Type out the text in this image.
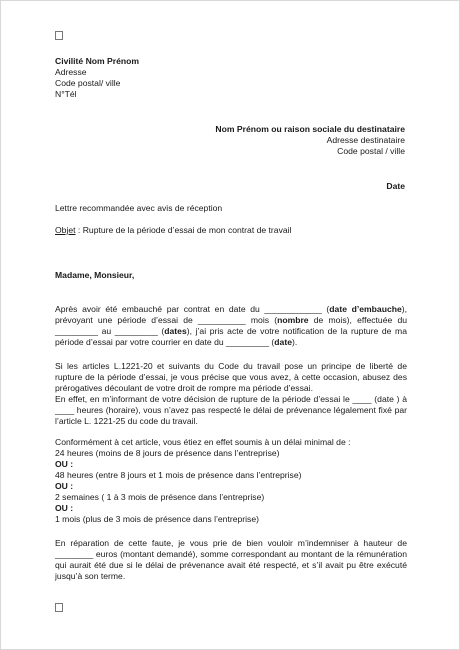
Civilité Nom Prénom
Adresse
Code postal/ ville
N°Tél
Nom Prénom ou raison sociale du destinataire
Adresse destinataire
Code postal / ville
Date
Lettre recommandée avec avis de réception
Objet : Rupture de la période d’essai de mon contrat de travail
Madame, Monsieur,

Après avoir été embauché par contrat en date du ____________ (date d’embauche), prévoyant une période d’essai de __________ mois (nombre de mois), effectuée du _________ au _________ (dates), j’ai pris acte de votre notification de la rupture de ma période d’essai par votre courrier en date du _________ (date).

Si les articles L.1221-20 et suivants du Code du travail pose un principe de liberté de rupture de la période d’essai, je vous précise que vous avez, à cette occasion, abusez des prérogatives découlant de votre droit de rompre ma période d’essai.

En effet, en m’informant de votre décision de rupture de la période d’essai le ____ (date ) à ____ heures (horaire), vous n’avez pas respecté le délai de prévenance légalement fixé par l’article L. 1221-25 du code du travail.

Conformément à cet article, vous étiez en effet soumis à un délai minimal de :

24 heures (moins de 8 jours de présence dans l’entreprise)
OU :
48 heures (entre 8 jours et 1 mois de présence dans l’entreprise)
OU :
2 semaines ( 1 à 3 mois de présence dans l’entreprise)
OU :
1 mois (plus de 3 mois de présence dans l’entreprise)

En réparation de cette faute, je vous prie de bien vouloir m’indemniser à hauteur de ________ euros (montant demandé), somme correspondant au montant de la rémunération qui aurait été due si le délai de prévenance avait été respecté, et s’il avait pu être exécuté jusqu’à son terme.
